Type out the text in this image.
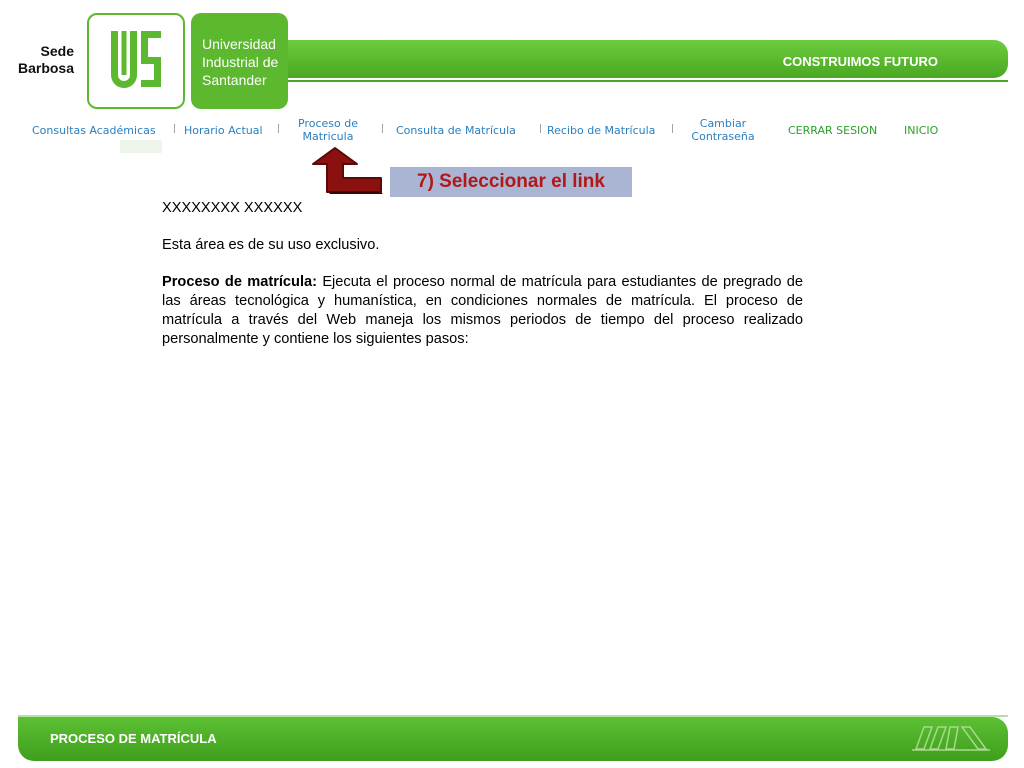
Sede
Barbosa
Universidad
Industrial de
Santander
CONSTRUIMOS FUTURO
Consultas Académicas | Horario Actual |	Proceso de
Matricula
| Consulta de Matrícula	| Recibo de Matrícula |	Cambiar
Contraseña	CERRAR SESION INICIO
7) Seleccionar el link

XXXXXXXX XXXXXX

Esta área es de su uso exclusivo.

Proceso de matrícula: Ejecuta el proceso normal de matrícula para estudiantes de pregrado de las áreas tecnológica y humanística, en condiciones normales de matrícula. El proceso de matrícula a través del Web maneja los mismos periodos de tiempo del proceso realizado personalmente y contiene los siguientes pasos:

PROCESO DE MATRÍCULA
